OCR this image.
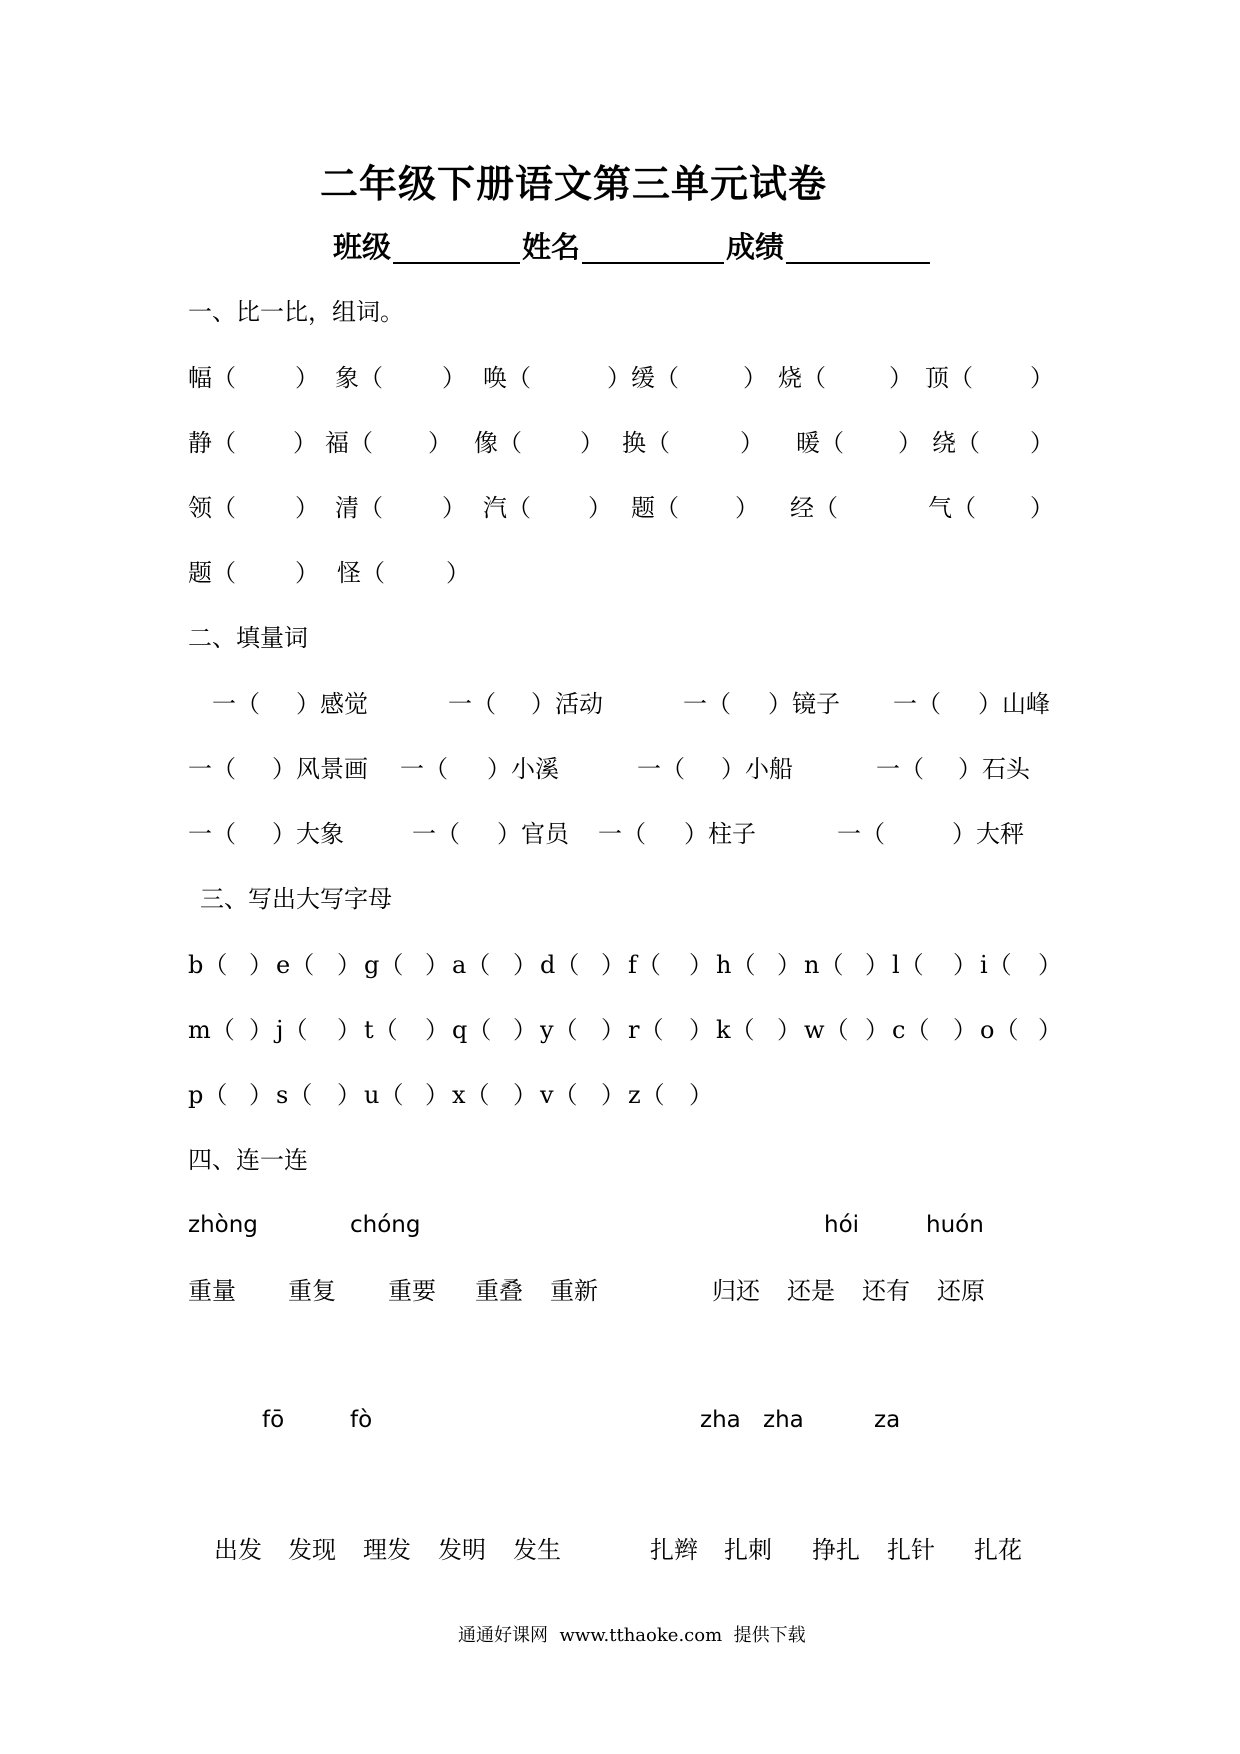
二年级下册语文第三单元试卷
班级	姓名	成绩
一、比一比，组词。
幅（ ） 象（ ） 唤（	）缓（	） 烧（	） 顶（ ）
静（ ） 福（ ） 像（ ） 换（	） 暖（ ） 绕（ ）
领（ ） 清（ ） 汽（ ） 题（ ） 经（	气（ ）
题（ ） 怪（	）
二、填量词
一（ ）感觉	一（ ）活动	一（ ）镜子 一（ ）山峰
一（ ）风景画 一（ ）小溪	一（ ）小船	一（ ）石头
一（ ）大象	一（ ）官员 一（ ）柱子	一（	）大秤
三、写出大写字母
b（ ） e（ ） g（ ） a（ ） d（ ） f（ ） h（ ） n（ ） l（ ） i（ ）
m（ ） j（ ） t（ ） q（ ） y（ ） r（ ） k（ ） w（ ） c（ ） o（ ）
p（ ） s（ ） u（ ） x（ ） v（ ） z（ ）
四、连一连
zhòng	chóng	hói	huón
重量 重复 重要 重叠 重新	归还 还是 还有 还原
fō	fò	zha zha	za
出发 发现 理发 发明 发生	扎辫 扎刺 挣扎 扎针 扎花
通通好课网  www.tthaoke.com  提供下载
